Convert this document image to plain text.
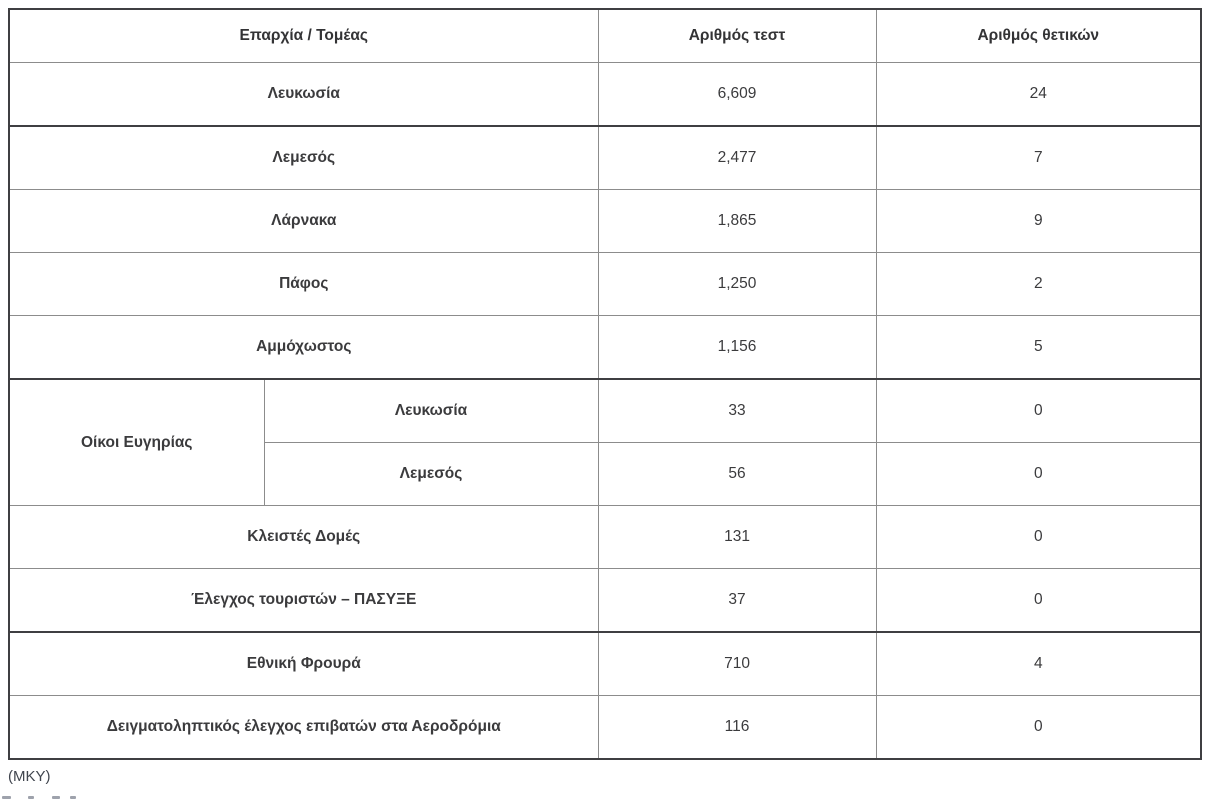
Επαρχία / Τομέας		Αριθμός τεστ	Αριθμός θετικών
Λευκωσία		6,609	24
Λεμεσός		2,477	7
Λάρνακα		1,865	9
Πάφος		1,250	2
Αμμόχωστος		1,156	5
Οίκοι Ευγηρίας	Λευκωσία	33	0
	Λεμεσός	56	0
Κλειστές Δομές		131	0
Έλεγχος τουριστών – ΠΑΣΥΞΕ		37	0
Εθνική Φρουρά		710	4
Δειγματοληπτικός έλεγχος επιβατών στα Αεροδρόμια		116	0
(ΜΚΥ)
